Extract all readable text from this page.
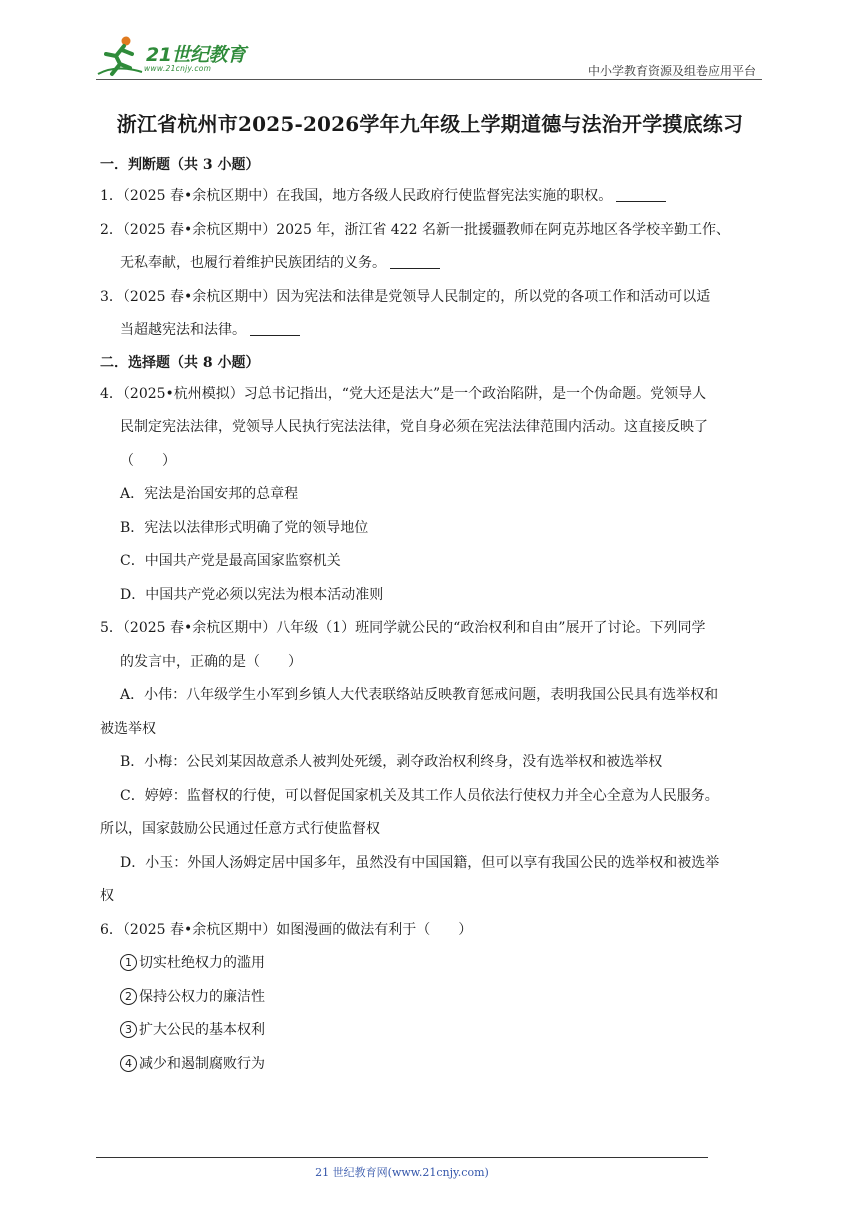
21世纪教育
www.21cnjy.com	中小学教育资源及组卷应用平台
浙江省杭州市2025-2026学年九年级上学期道德与法治开学摸底练习
一．判断题（共 3 小题）
1．（2025 春•余杭区期中）在我国，地方各级人民政府行使监督宪法实施的职权。
2．（2025 春•余杭区期中）2025 年，浙江省 422 名新一批援疆教师在阿克苏地区各学校辛勤工作、
无私奉献，也履行着维护民族团结的义务。
3．（2025 春•余杭区期中）因为宪法和法律是党领导人民制定的，所以党的各项工作和活动可以适
当超越宪法和法律。
二．选择题（共 8 小题）
4．（2025•杭州模拟）习总书记指出，“党大还是法大”是一个政治陷阱，是一个伪命题。党领导人
民制定宪法法律，党领导人民执行宪法法律，党自身必须在宪法法律范围内活动。这直接反映了
（　　）
A．宪法是治国安邦的总章程
B．宪法以法律形式明确了党的领导地位
C．中国共产党是最高国家监察机关
D．中国共产党必须以宪法为根本活动准则
5．（2025 春•余杭区期中）八年级（1）班同学就公民的“政治权利和自由”展开了讨论。下列同学
的发言中，正确的是（　　）
A．小伟：八年级学生小军到乡镇人大代表联络站反映教育惩戒问题，表明我国公民具有选举权和
被选举权
B．小梅：公民刘某因故意杀人被判处死缓，剥夺政治权利终身，没有选举权和被选举权
C．婷婷：监督权的行使，可以督促国家机关及其工作人员依法行使权力并全心全意为人民服务。
所以，国家鼓励公民通过任意方式行使监督权
D．小玉：外国人汤姆定居中国多年，虽然没有中国国籍，但可以享有我国公民的选举权和被选举
权
6．（2025 春•余杭区期中）如图漫画的做法有利于（　　）
1 切实杜绝权力的滥用
2 保持公权力的廉洁性
3 扩大公民的基本权利
4 减少和遏制腐败行为
21 世纪教育网(www.21cnjy.com)
